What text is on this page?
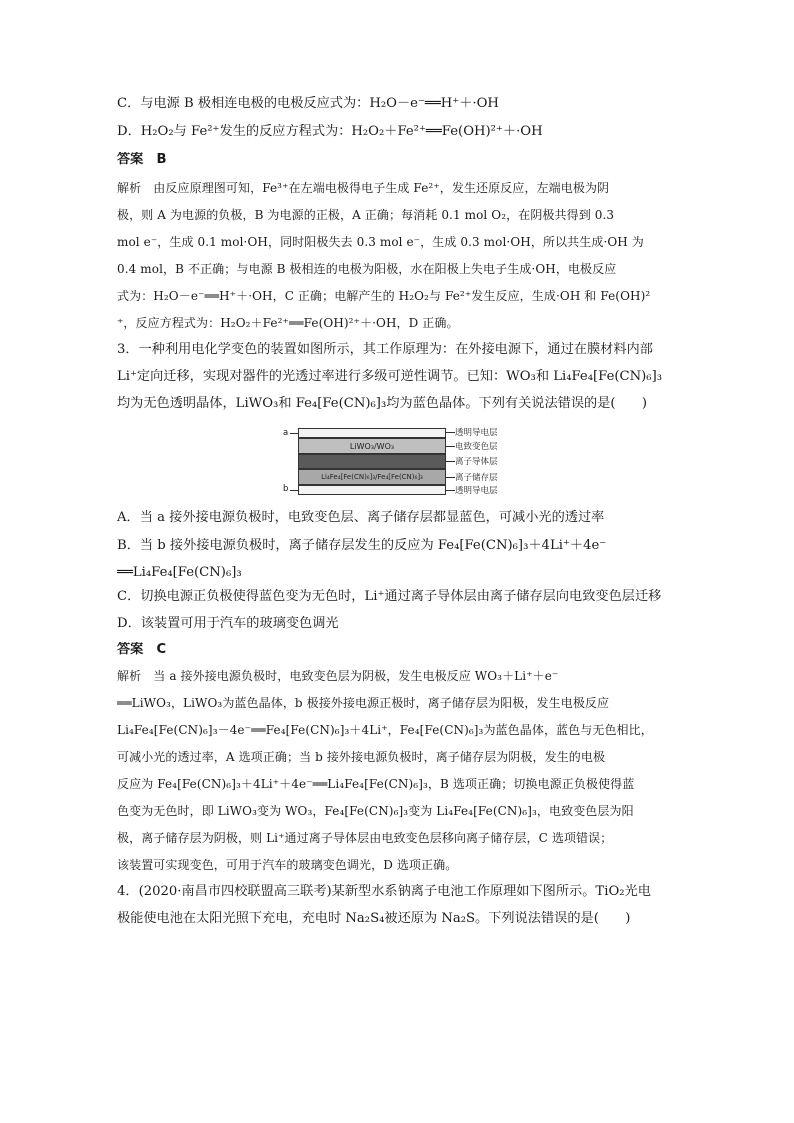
C．与电源 B 极相连电极的电极反应式为：H₂O－e⁻══H⁺＋·OH
D．H₂O₂与 Fe²⁺发生的反应方程式为：H₂O₂＋Fe²⁺══Fe(OH)²⁺＋·OH
答案　B
解析　由反应原理图可知，Fe³⁺在左端电极得电子生成 Fe²⁺，发生还原反应，左端电极为阴
极，则 A 为电源的负极，B 为电源的正极，A 正确；每消耗 0.1 mol O₂，在阴极共得到 0.3
mol e⁻，生成 0.1 mol·OH，同时阳极失去 0.3 mol e⁻，生成 0.3 mol·OH，所以共生成·OH 为
0.4 mol，B 不正确；与电源 B 极相连的电极为阳极，水在阳极上失电子生成·OH，电极反应
式为：H₂O－e⁻══H⁺＋·OH，C 正确；电解产生的 H₂O₂与 Fe²⁺发生反应，生成·OH 和 Fe(OH)²
⁺，反应方程式为：H₂O₂＋Fe²⁺══Fe(OH)²⁺＋·OH，D 正确。
3．一种利用电化学变色的装置如图所示，其工作原理为：在外接电源下，通过在膜材料内部
Li⁺定向迁移，实现对器件的光透过率进行多级可逆性调节。已知：WO₃和 Li₄Fe₄[Fe(CN)₆]₃
均为无色透明晶体，LiWO₃和 Fe₄[Fe(CN)₆]₃均为蓝色晶体。下列有关说法错误的是(　　)
A．当 a 接外接电源负极时，电致变色层、离子储存层都显蓝色，可减小光的透过率
B．当 b 接外接电源负极时，离子储存层发生的反应为 Fe₄[Fe(CN)₆]₃＋4Li⁺＋4e⁻
══Li₄Fe₄[Fe(CN)₆]₃
C．切换电源正负极使得蓝色变为无色时，Li⁺通过离子导体层由离子储存层向电致变色层迁移
D．该装置可用于汽车的玻璃变色调光
答案　C
解析　当 a 接外接电源负极时，电致变色层为阴极，发生电极反应 WO₃＋Li⁺＋e⁻
══LiWO₃，LiWO₃为蓝色晶体，b 极接外接电源正极时，离子储存层为阳极，发生电极反应
Li₄Fe₄[Fe(CN)₆]₃－4e⁻══Fe₄[Fe(CN)₆]₃＋4Li⁺，Fe₄[Fe(CN)₆]₃为蓝色晶体，蓝色与无色相比，
可减小光的透过率，A 选项正确；当 b 接外接电源负极时，离子储存层为阴极，发生的电极
反应为 Fe₄[Fe(CN)₆]₃＋4Li⁺＋4e⁻══Li₄Fe₄[Fe(CN)₆]₃，B 选项正确；切换电源正负极使得蓝
色变为无色时，即 LiWO₃变为 WO₃，Fe₄[Fe(CN)₆]₃变为 Li₄Fe₄[Fe(CN)₆]₃，电致变色层为阳
极，离子储存层为阴极，则 Li⁺通过离子导体层由电致变色层移向离子储存层，C 选项错误；
该装置可实现变色，可用于汽车的玻璃变色调光，D 选项正确。
4．(2020·南昌市四校联盟高三联考)某新型水系钠离子电池工作原理如下图所示。TiO₂光电
极能使电池在太阳光照下充电，充电时 Na₂S₄被还原为 Na₂S。下列说法错误的是(　　)
a
b
LiWO₃/WO₃
Li₄Fe₄[Fe(CN)₆]₃/Fe₄[Fe(CN)₆]₃
透明导电层
电致变色层
离子导体层
离子储存层
透明导电层
